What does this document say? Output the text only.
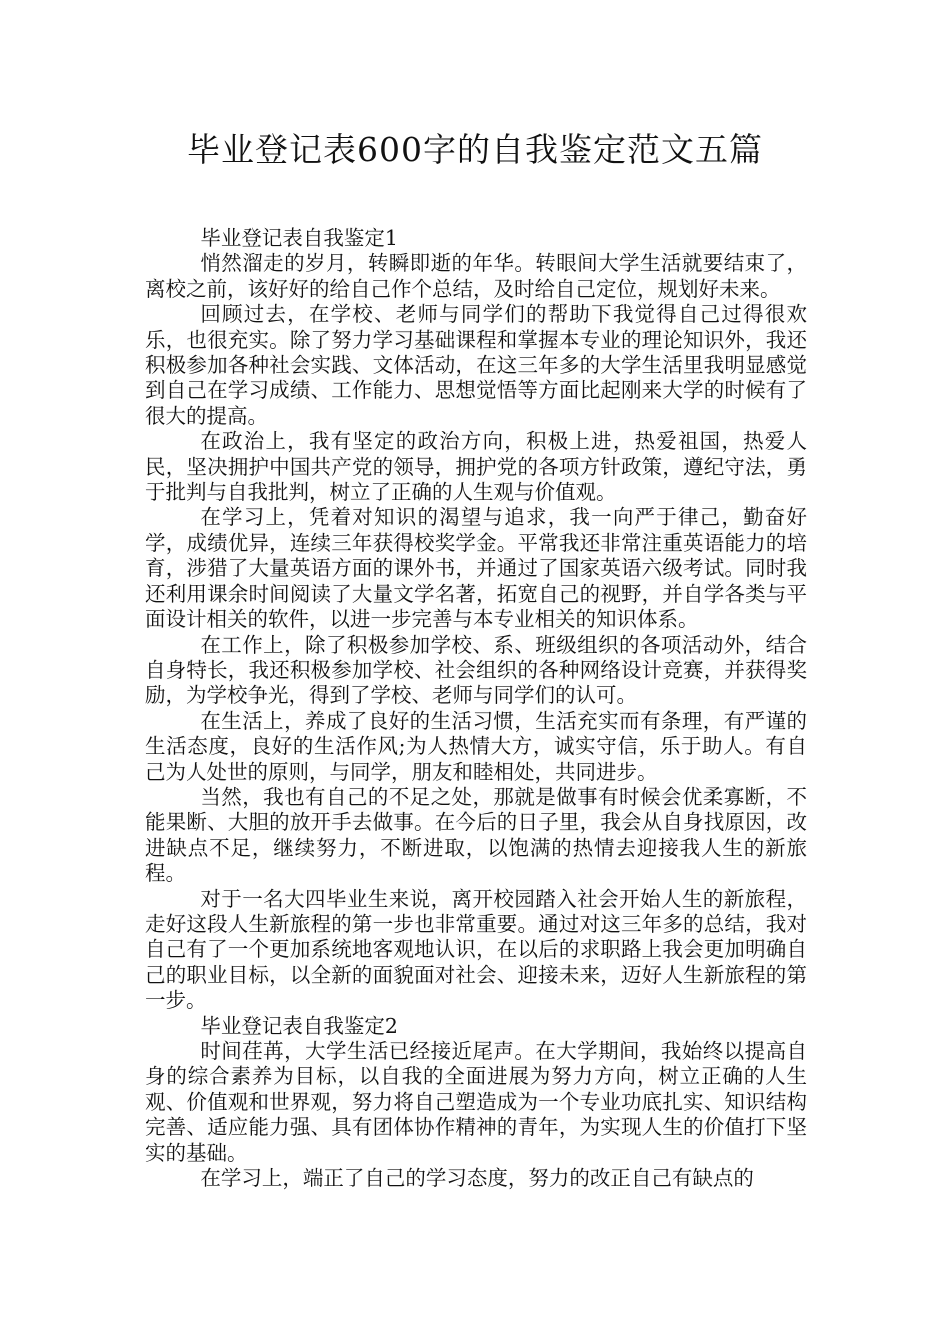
毕业登记表600字的自我鉴定范文五篇

毕业登记表自我鉴定1

悄然溜走的岁月，转瞬即逝的年华。转眼间大学生活就要结束了，离校之前，该好好的给自己作个总结，及时给自己定位，规划好未来。

回顾过去，在学校、老师与同学们的帮助下我觉得自己过得很欢乐，也很充实。除了努力学习基础课程和掌握本专业的理论知识外，我还积极参加各种社会实践、文体活动，在这三年多的大学生活里我明显感觉到自己在学习成绩、工作能力、思想觉悟等方面比起刚来大学的时候有了很大的提高。

在政治上，我有坚定的政治方向，积极上进，热爱祖国，热爱人民，坚决拥护中国共产党的领导，拥护党的各项方针政策，遵纪守法，勇于批判与自我批判，树立了正确的人生观与价值观。

在学习上，凭着对知识的渴望与追求，我一向严于律己，勤奋好学，成绩优异，连续三年获得校奖学金。平常我还非常注重英语能力的培育，涉猎了大量英语方面的课外书，并通过了国家英语六级考试。同时我还利用课余时间阅读了大量文学名著，拓宽自己的视野，并自学各类与平面设计相关的软件，以进一步完善与本专业相关的知识体系。

在工作上，除了积极参加学校、系、班级组织的各项活动外，结合自身特长，我还积极参加学校、社会组织的各种网络设计竞赛，并获得奖励，为学校争光，得到了学校、老师与同学们的认可。

在生活上，养成了良好的生活习惯，生活充实而有条理，有严谨的生活态度，良好的生活作风;为人热情大方，诚实守信，乐于助人。有自己为人处世的原则，与同学，朋友和睦相处，共同进步。

当然，我也有自己的不足之处，那就是做事有时候会优柔寡断，不能果断、大胆的放开手去做事。在今后的日子里，我会从自身找原因，改进缺点不足，继续努力，不断进取，以饱满的热情去迎接我人生的新旅程。

对于一名大四毕业生来说，离开校园踏入社会开始人生的新旅程，走好这段人生新旅程的第一步也非常重要。通过对这三年多的总结，我对自己有了一个更加系统地客观地认识，在以后的求职路上我会更加明确自己的职业目标，以全新的面貌面对社会、迎接未来，迈好人生新旅程的第一步。

毕业登记表自我鉴定2

时间荏苒，大学生活已经接近尾声。在大学期间，我始终以提高自身的综合素养为目标，以自我的全面进展为努力方向，树立正确的人生观、价值观和世界观，努力将自己塑造成为一个专业功底扎实、知识结构完善、适应能力强、具有团体协作精神的青年，为实现人生的价值打下坚实的基础。

在学习上，端正了自己的学习态度，努力的改正自己有缺点的
